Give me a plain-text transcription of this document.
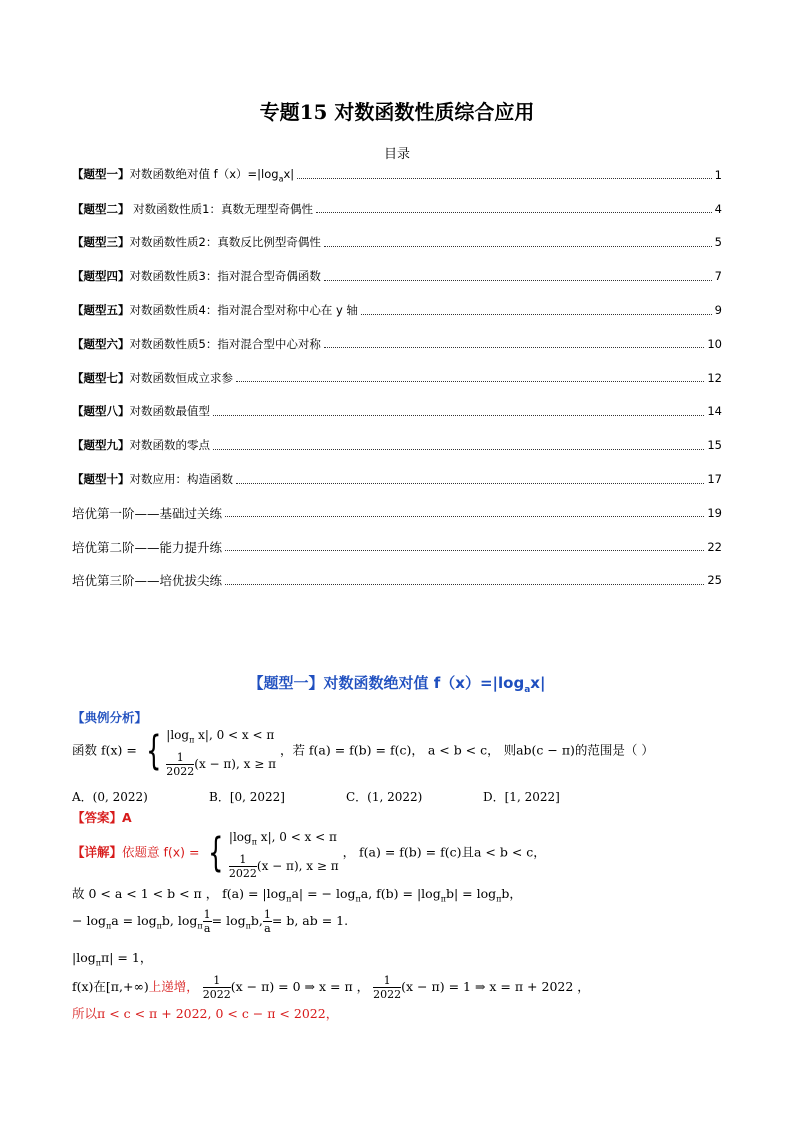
专题15 对数函数性质综合应用
目录
【题型一】对数函数绝对值 $f(x)=|\log_ax|$	1
【题型二】 对数函数性质1：真数无理型奇偶性	4
【题型三】对数函数性质2：真数反比例型奇偶性	5
【题型四】对数函数性质3：指对混合型奇偶函数	7
【题型五】对数函数性质4：指对混合型对称中心在 y 轴	9
【题型六】对数函数性质5：指对混合型中心对称	10
【题型七】对数函数恒成立求参	12
【题型八】对数函数最值型	14
【题型九】对数函数的零点	15
【题型十】对数应用：构造函数	17
培优第一阶——基础过关练	19
培优第二阶——能力提升练	22
培优第三阶——培优拔尖练	25
【题型一】对数函数绝对值 $f(x)=|\log_ax|$
【典例分析】
函数 f(x) = { $|\log_\pi$ x|, 0 < x < π
$\frac{1}{2022} (x - \pi)$, x ≥ π
，若 f(a) = f(b) = f(c)， a < b < c， 则ab(c − π)的范围是（ ）
A．(0, 2022)	B．[0, 2022]	C．(1, 2022)	D．[1, 2022]
【答案】A
【详解】依题意 f(x) = { $|\log_\pi$ x|, 0 < x < π
$\frac{1}{2022} (x - \pi)$, x ≥ π
， f(a) = f(b) = f(c)且a < b < c，
故 0 < a < 1 < b < π ， $f(a) = |\log_\pi a|$ = − $\log_\pi a$, $f(b) = |\log_\pi b| = \log_\pi b$，
− $\log_\pi a = \log_\pi b$, $\log_\pi \frac{1}{a} = \log_\pi b$, $\frac{1}{a} = b$, ab = 1.
$|\log_\pi\pi| = 1$，
f(x)在[π,+∞)上递增， $\frac{1}{2022} (x - \pi) = 0$ ⇒ x = π ， $\frac{1}{2022} (x - \pi) = 1$ ⇒ x = π + 2022 ，
所以π < c < π + 2022, 0 < c − π < 2022，
